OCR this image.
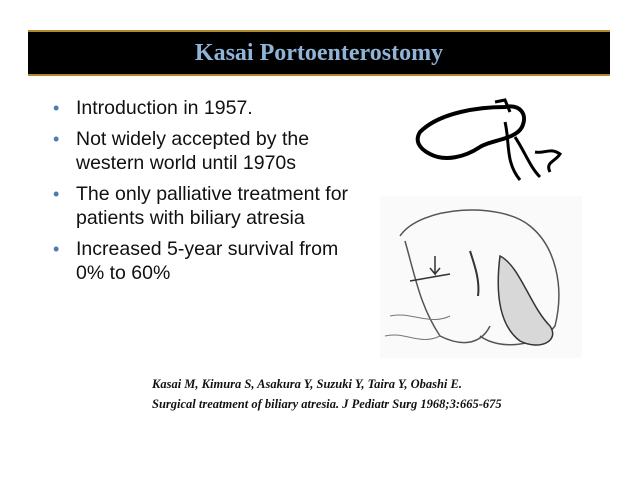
Kasai Portoenterostomy
• Introduction in 1957.
• Not widely accepted by the
western world until 1970s
• The only palliative treatment for
patients with biliary atresia
• Increased 5-year survival from
0% to 60%
Kasai M, Kimura S, Asakura Y, Suzuki Y, Taira Y, Obashi E.
Surgical treatment of biliary atresia. J Pediatr Surg 1968;3:665-675
